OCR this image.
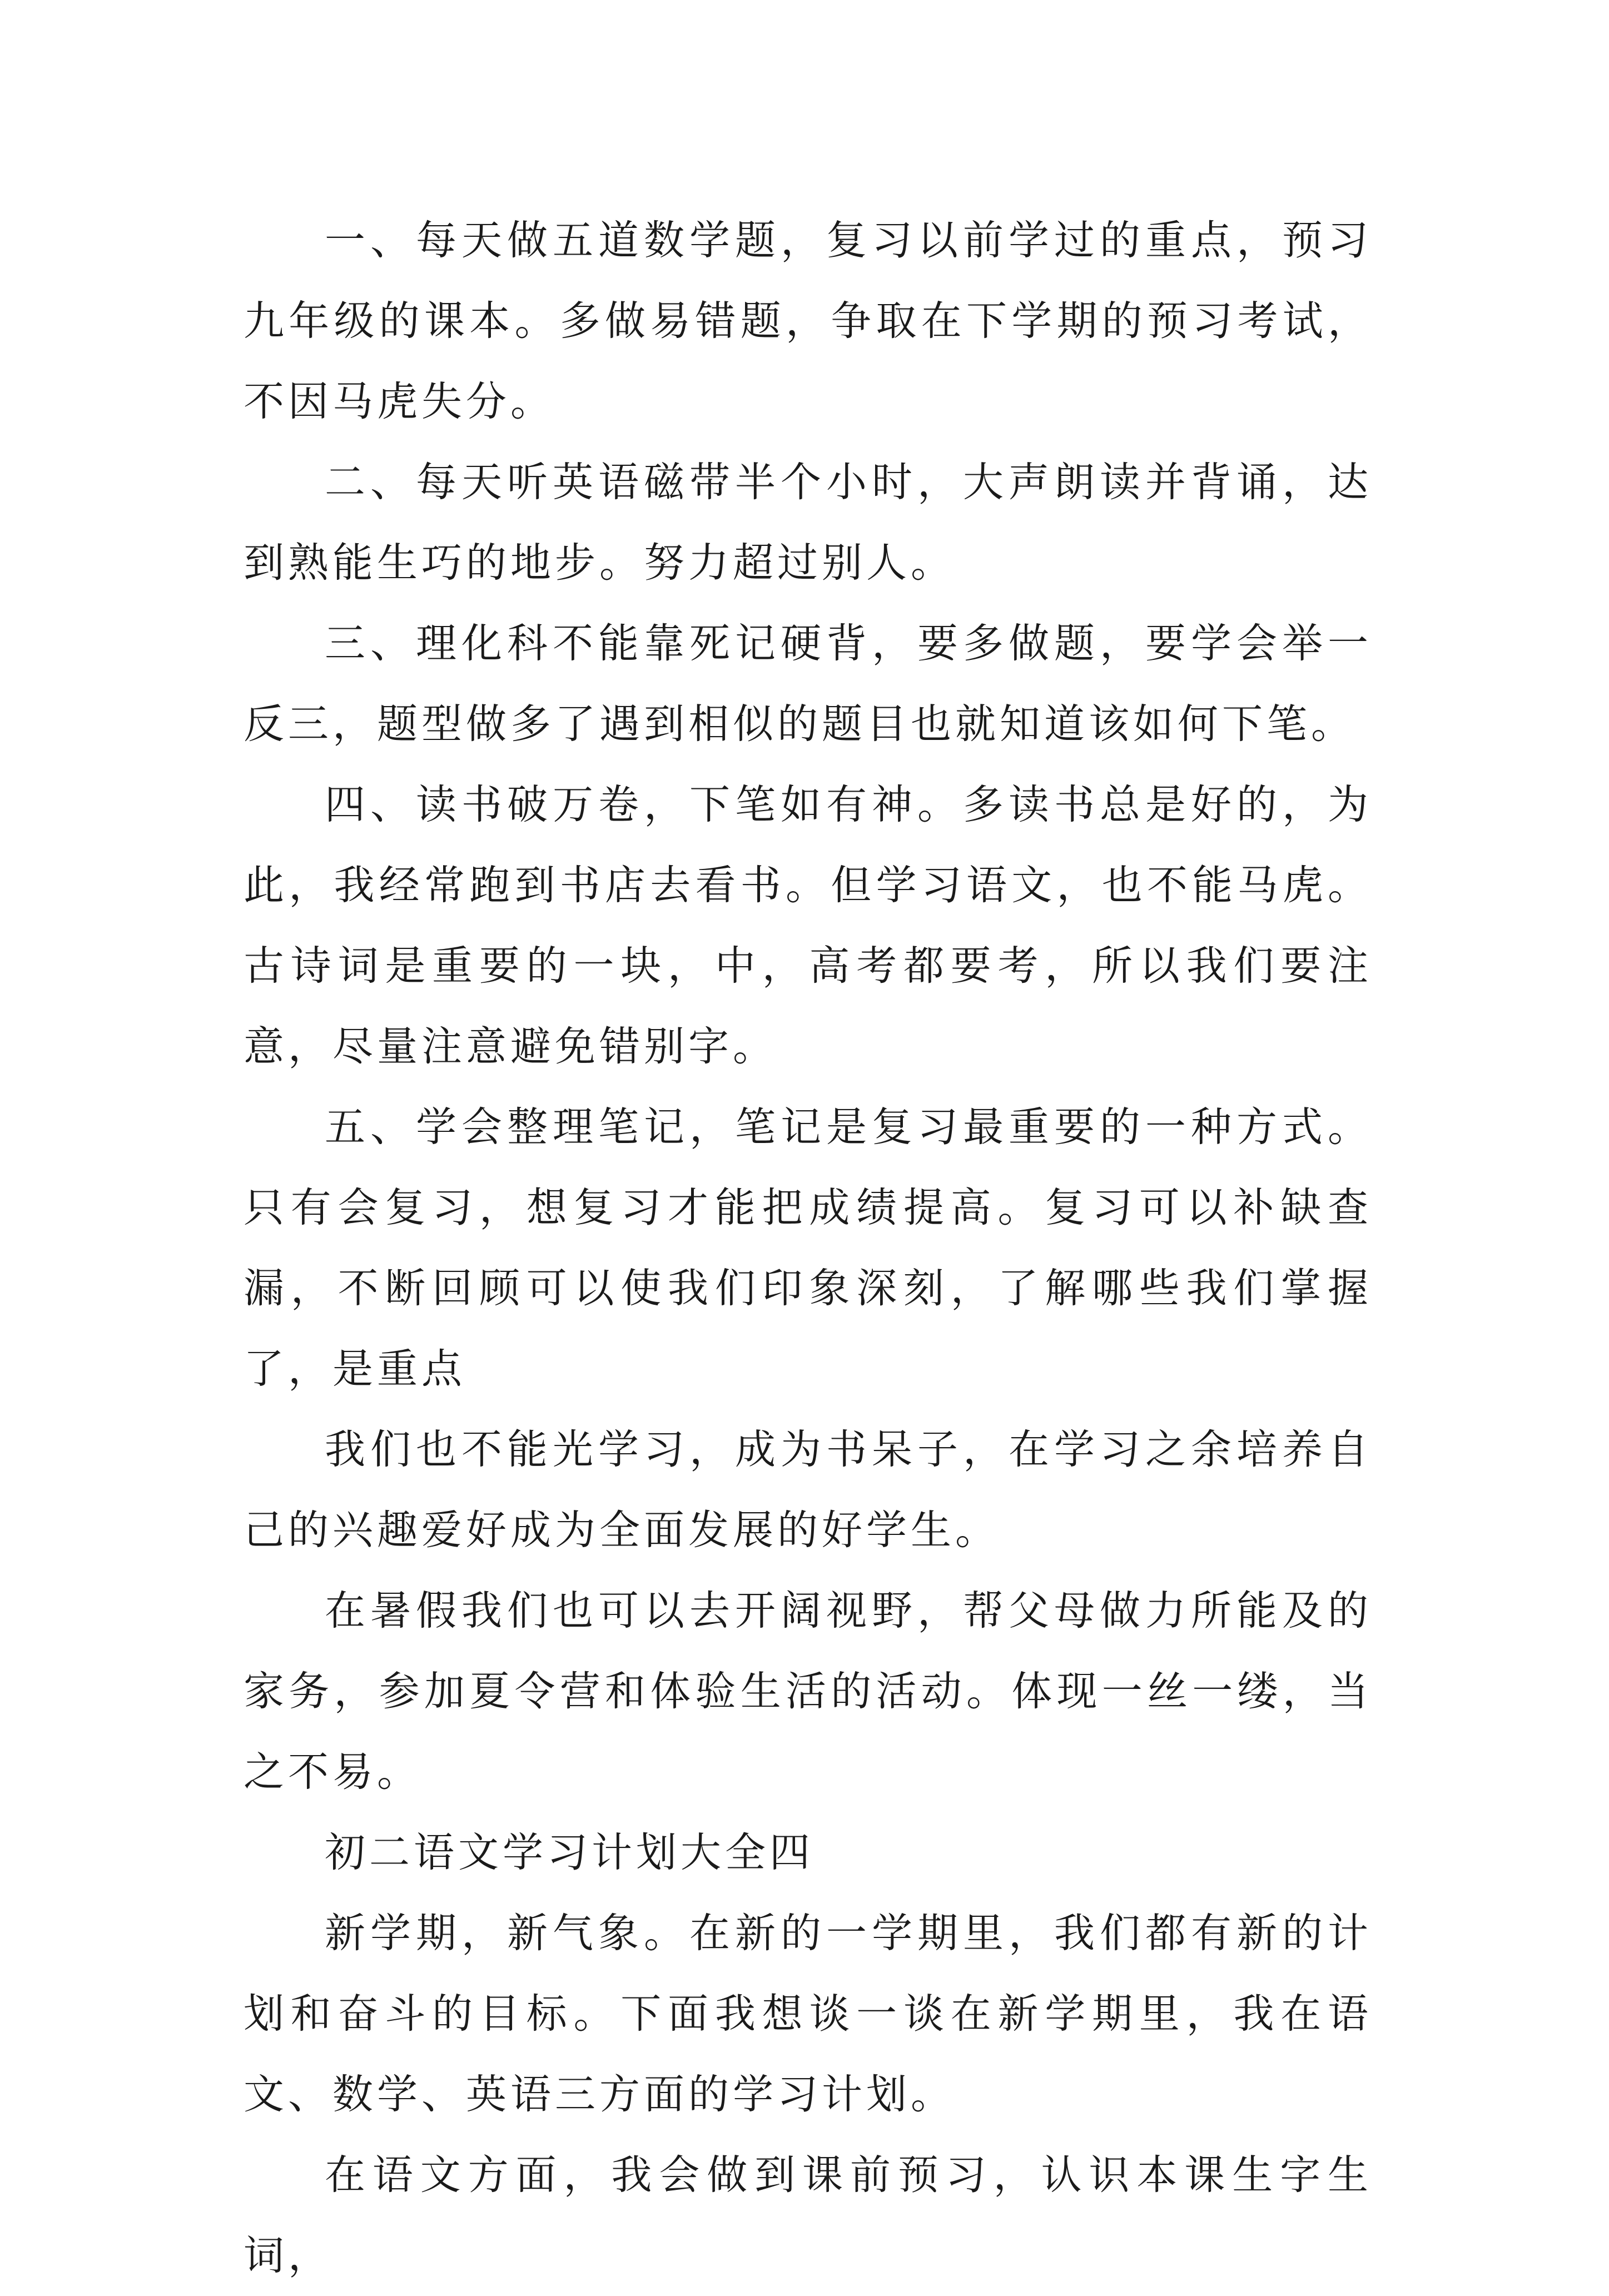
一、每天做五道数学题，复习以前学过的重点，预习九年级的课本。多做易错题，争取在下学期的预习考试，不因马虎失分。

二、每天听英语磁带半个小时，大声朗读并背诵，达到熟能生巧的地步。努力超过别人。

三、理化科不能靠死记硬背，要多做题，要学会举一反三，题型做多了遇到相似的题目也就知道该如何下笔。

四、读书破万卷，下笔如有神。多读书总是好的，为此，我经常跑到书店去看书。但学习语文，也不能马虎。古诗词是重要的一块，中，高考都要考，所以我们要注意，尽量注意避免错别字。

五、学会整理笔记，笔记是复习最重要的一种方式。只有会复习，想复习才能把成绩提高。复习可以补缺查漏，不断回顾可以使我们印象深刻，了解哪些我们掌握了，是重点

我们也不能光学习，成为书呆子，在学习之余培养自己的兴趣爱好成为全面发展的好学生。

在暑假我们也可以去开阔视野，帮父母做力所能及的家务，参加夏令营和体验生活的活动。体现一丝一缕，当之不易。

初二语文学习计划大全四

新学期，新气象。在新的一学期里，我们都有新的计划和奋斗的目标。下面我想谈一谈在新学期里，我在语文、数学、英语三方面的学习计划。

在语文方面，我会做到课前预习，认识本课生字生词，
